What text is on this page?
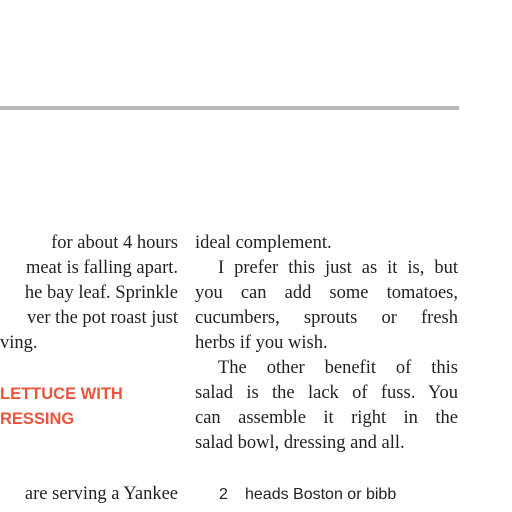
for about 4 hours
meat is falling apart.
he bay leaf. Sprinkle
ver the pot roast just
ving.
LETTUCE WITH
RESSING
are serving a Yankee
ideal complement.
I prefer this just as it is, but
you can add some tomatoes,
cucumbers, sprouts or fresh
herbs if you wish.
The other benefit of this
salad is the lack of fuss. You
can assemble it right in the
salad bowl, dressing and all.
2 heads Boston or bibb
